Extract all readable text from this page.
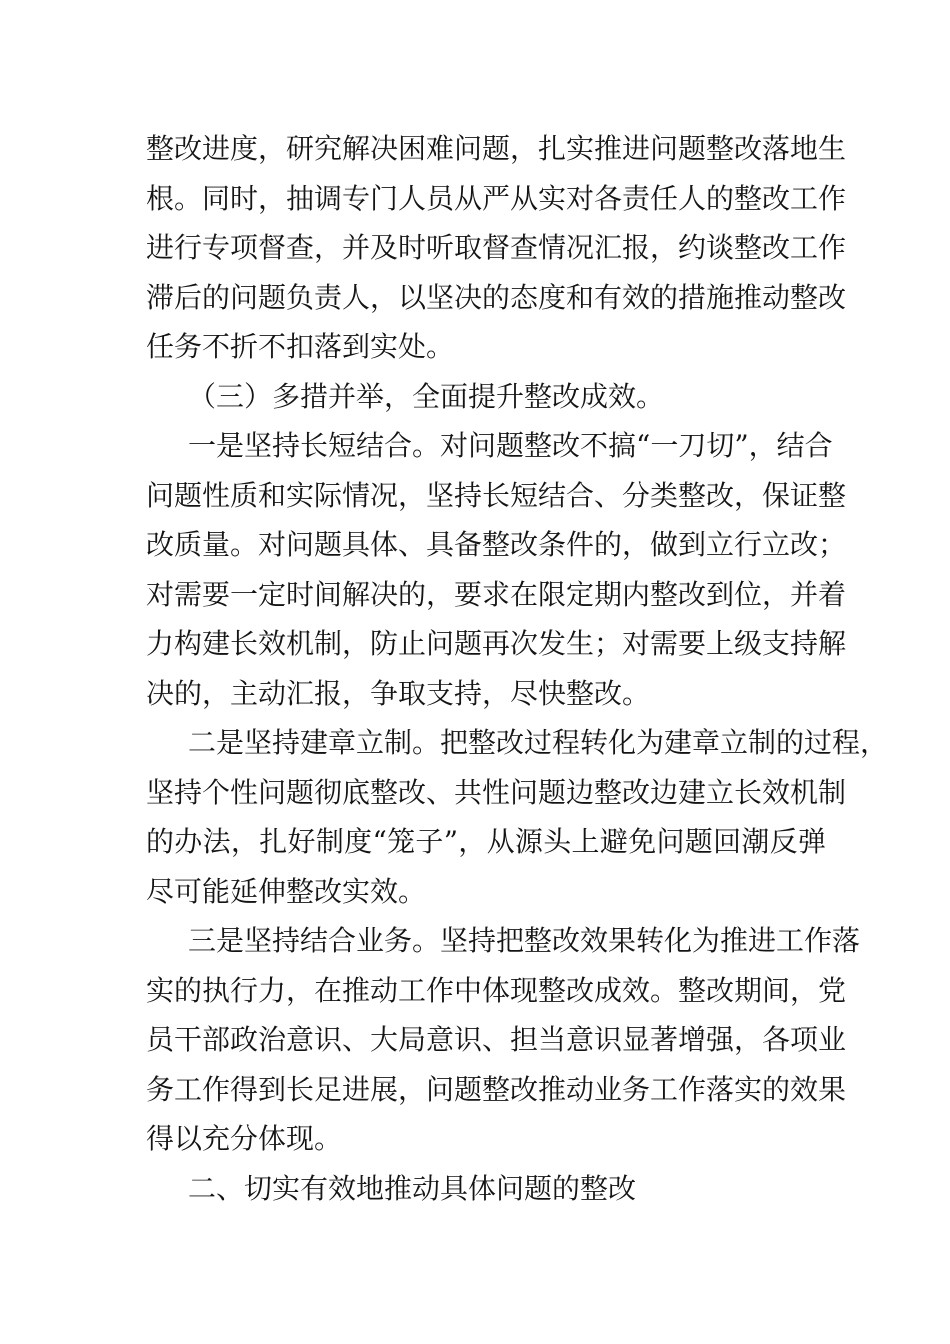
整改进度，研究解决困难问题，扎实推进问题整改落地生
根。同时，抽调专门人员从严从实对各责任人的整改工作
进行专项督查，并及时听取督查情况汇报，约谈整改工作
滞后的问题负责人，以坚决的态度和有效的措施推动整改
任务不折不扣落到实处。
（三）多措并举，全面提升整改成效。
一是坚持长短结合。对问题整改不搞“一刀切”，结合
问题性质和实际情况，坚持长短结合、分类整改，保证整
改质量。对问题具体、具备整改条件的，做到立行立改；
对需要一定时间解决的，要求在限定期内整改到位，并着
力构建长效机制，防止问题再次发生；对需要上级支持解
决的，主动汇报，争取支持，尽快整改。
二是坚持建章立制。把整改过程转化为建章立制的过程，
坚持个性问题彻底整改、共性问题边整改边建立长效机制
的办法，扎好制度“笼子”，从源头上避免问题回潮反弹
尽可能延伸整改实效。
三是坚持结合业务。坚持把整改效果转化为推进工作落
实的执行力，在推动工作中体现整改成效。整改期间，党
员干部政治意识、大局意识、担当意识显著增强，各项业
务工作得到长足进展，问题整改推动业务工作落实的效果
得以充分体现。
二、切实有效地推动具体问题的整改
